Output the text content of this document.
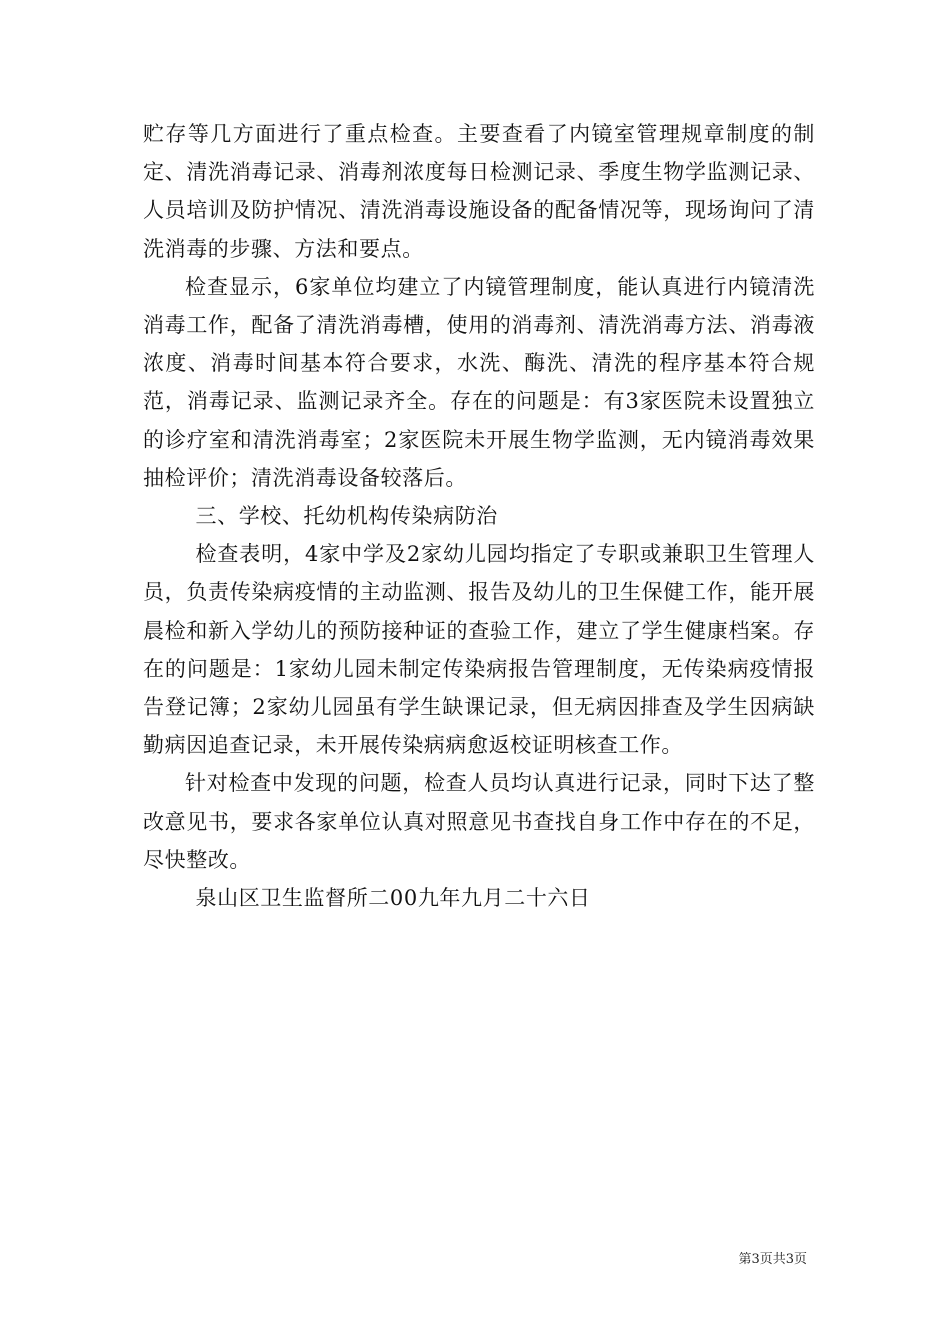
贮存等几方面进行了重点检查。主要查看了内镜室管理规章制度的制定、清洗消毒记录、消毒剂浓度每日检测记录、季度生物学监测记录、人员培训及防护情况、清洗消毒设施设备的配备情况等，现场询问了清洗消毒的步骤、方法和要点。

检查显示，6家单位均建立了内镜管理制度，能认真进行内镜清洗消毒工作，配备了清洗消毒槽，使用的消毒剂、清洗消毒方法、消毒液浓度、消毒时间基本符合要求，水洗、酶洗、清洗的程序基本符合规范，消毒记录、监测记录齐全。存在的问题是：有3家医院未设置独立的诊疗室和清洗消毒室；2家医院未开展生物学监测，无内镜消毒效果抽检评价；清洗消毒设备较落后。

三、学校、托幼机构传染病防治

检查表明，4家中学及2家幼儿园均指定了专职或兼职卫生管理人员，负责传染病疫情的主动监测、报告及幼儿的卫生保健工作，能开展晨检和新入学幼儿的预防接种证的查验工作，建立了学生健康档案。存在的问题是：1家幼儿园未制定传染病报告管理制度，无传染病疫情报告登记簿；2家幼儿园虽有学生缺课记录，但无病因排查及学生因病缺勤病因追查记录，未开展传染病病愈返校证明核查工作。

针对检查中发现的问题，检查人员均认真进行记录，同时下达了整改意见书，要求各家单位认真对照意见书查找自身工作中存在的不足，尽快整改。

泉山区卫生监督所二00九年九月二十六日

第3页共3页
